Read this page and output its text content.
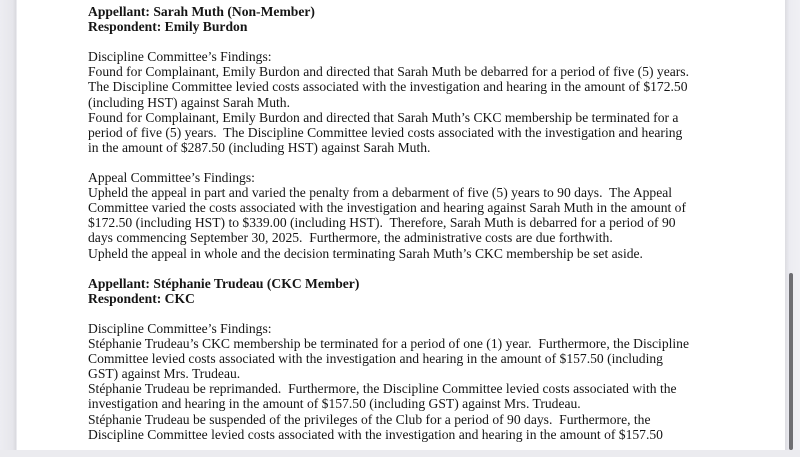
Appellant: Sarah Muth (Non-Member)
Respondent: Emily Burdon
Discipline Committee’s Findings:
Found for Complainant, Emily Burdon and directed that Sarah Muth be debarred for a period of five (5) years.
The Discipline Committee levied costs associated with the investigation and hearing in the amount of $172.50
(including HST) against Sarah Muth.
Found for Complainant, Emily Burdon and directed that Sarah Muth’s CKC membership be terminated for a
period of five (5) years.  The Discipline Committee levied costs associated with the investigation and hearing
in the amount of $287.50 (including HST) against Sarah Muth.
Appeal Committee’s Findings:
Upheld the appeal in part and varied the penalty from a debarment of five (5) years to 90 days.  The Appeal
Committee varied the costs associated with the investigation and hearing against Sarah Muth in the amount of
$172.50 (including HST) to $339.00 (including HST).  Therefore, Sarah Muth is debarred for a period of 90
days commencing September 30, 2025.  Furthermore, the administrative costs are due forthwith.
Upheld the appeal in whole and the decision terminating Sarah Muth’s CKC membership be set aside.
Appellant: Stéphanie Trudeau (CKC Member)
Respondent: CKC
Discipline Committee’s Findings:
Stéphanie Trudeau’s CKC membership be terminated for a period of one (1) year.  Furthermore, the Discipline
Committee levied costs associated with the investigation and hearing in the amount of $157.50 (including
GST) against Mrs. Trudeau.
Stéphanie Trudeau be reprimanded.  Furthermore, the Discipline Committee levied costs associated with the
investigation and hearing in the amount of $157.50 (including GST) against Mrs. Trudeau.
Stéphanie Trudeau be suspended of the privileges of the Club for a period of 90 days.  Furthermore, the
Discipline Committee levied costs associated with the investigation and hearing in the amount of $157.50
